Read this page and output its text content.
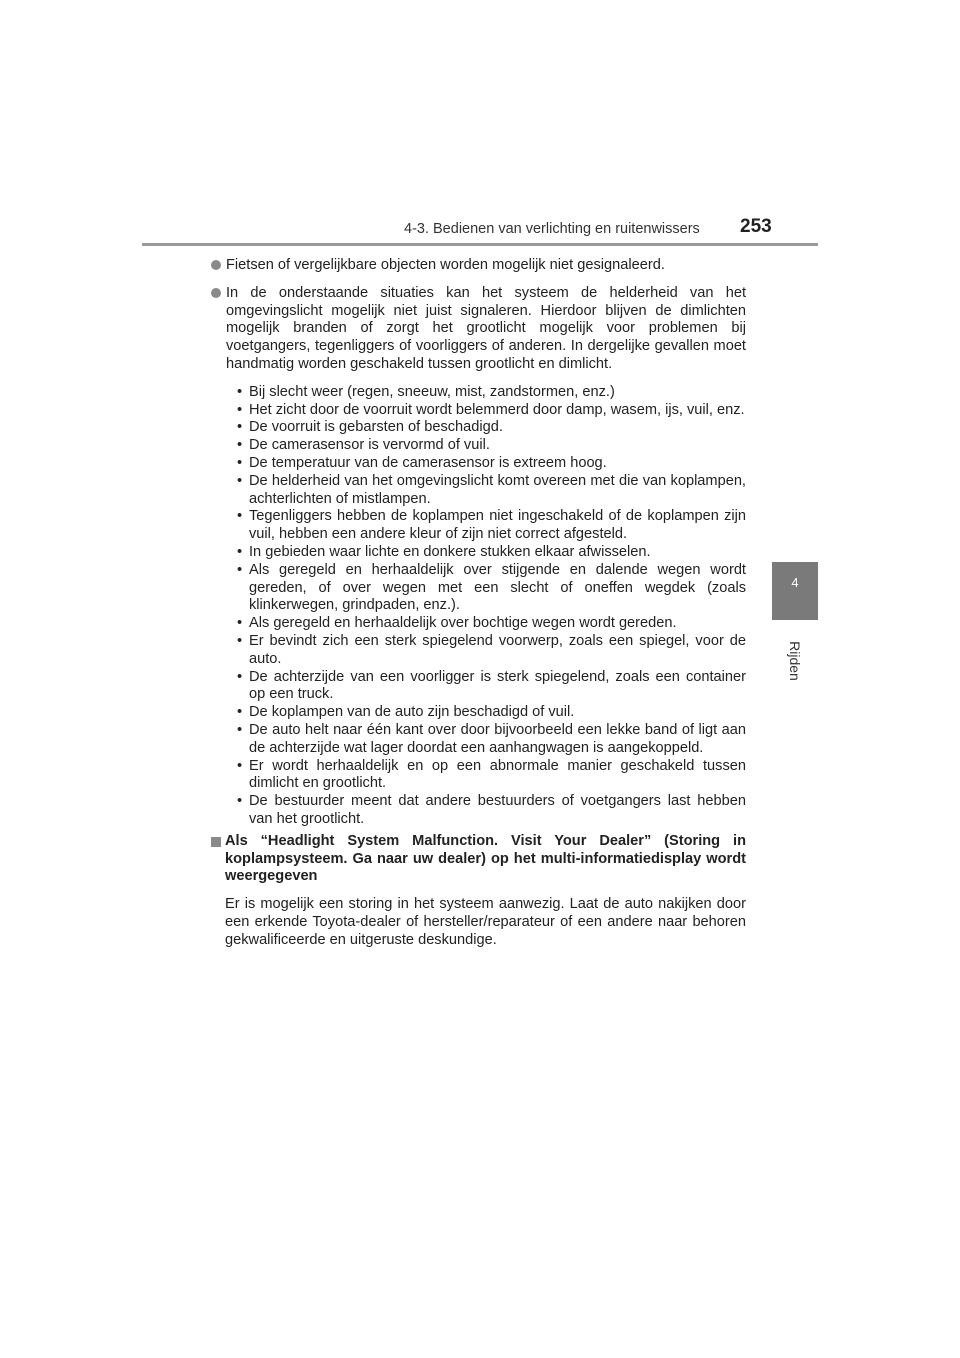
4-3. Bedienen van verlichting en ruitenwissers 253
4
Rijden
Fietsen of vergelijkbare objecten worden mogelijk niet gesignaleerd.
In de onderstaande situaties kan het systeem de helderheid van het omgevingslicht mogelijk niet juist signaleren. Hierdoor blijven de dimlichten mogelijk branden of zorgt het grootlicht mogelijk voor problemen bij voetgangers, tegenliggers of voorliggers of anderen. In dergelijke gevallen moet handmatig worden geschakeld tussen grootlicht en dimlicht.
• Bij slecht weer (regen, sneeuw, mist, zandstormen, enz.)
• Het zicht door de voorruit wordt belemmerd door damp, wasem, ijs, vuil, enz.
• De voorruit is gebarsten of beschadigd.
• De camerasensor is vervormd of vuil.
• De temperatuur van de camerasensor is extreem hoog.
• De helderheid van het omgevingslicht komt overeen met die van koplampen, achterlichten of mistlampen.
• Tegenliggers hebben de koplampen niet ingeschakeld of de koplampen zijn vuil, hebben een andere kleur of zijn niet correct afgesteld.
• In gebieden waar lichte en donkere stukken elkaar afwisselen.
• Als geregeld en herhaaldelijk over stijgende en dalende wegen wordt gereden, of over wegen met een slecht of oneffen wegdek (zoals klinkerwegen, grindpaden, enz.).
• Als geregeld en herhaaldelijk over bochtige wegen wordt gereden.
• Er bevindt zich een sterk spiegelend voorwerp, zoals een spiegel, voor de auto.
• De achterzijde van een voorligger is sterk spiegelend, zoals een container op een truck.
• De koplampen van de auto zijn beschadigd of vuil.
• De auto helt naar één kant over door bijvoorbeeld een lekke band of ligt aan de achterzijde wat lager doordat een aanhangwagen is aangekoppeld.
• Er wordt herhaaldelijk en op een abnormale manier geschakeld tussen dimlicht en grootlicht.
• De bestuurder meent dat andere bestuurders of voetgangers last hebben van het grootlicht.
Als “Headlight System Malfunction. Visit Your Dealer” (Storing in koplampsysteem. Ga naar uw dealer) op het multi-informatiedisplay wordt weergegeven
Er is mogelijk een storing in het systeem aanwezig. Laat de auto nakijken door een erkende Toyota-dealer of hersteller/reparateur of een andere naar behoren gekwalificeerde en uitgeruste deskundige.
